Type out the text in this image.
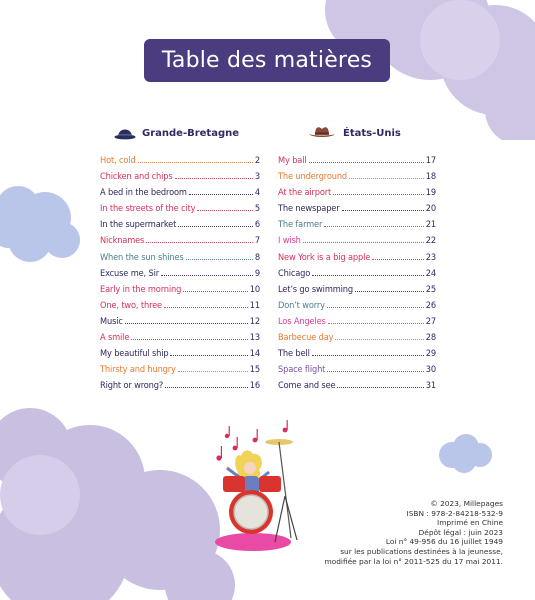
Table des matières
Grande-Bretagne
Hot, cold	2
Chicken and chips	3
A bed in the bedroom	4
In the streets of the city	5
In the supermarket	6
Nicknames	7
When the sun shines	8
Excuse me, Sir	9
Early in the morning	10
One, two, three	11
Music	12
A smile	13
My beautiful ship	14
Thirsty and hungry	15
Right or wrong?	16
États-Unis
My ball	17
The underground	18
At the airport	19
The newspaper	20
The farmer	21
I wish	22
New York is a big apple	23
Chicago	24
Let’s go swimming	25
Don’t worry	26
Los Angeles	27
Barbecue day	28
The bell	29
Space flight	30
Come and see	31
© 2023, Millepages
ISBN : 978-2-84218-532-9
Imprimé en Chine
Dépôt légal : juin 2023
Loi n° 49-956 du 16 juillet 1949
sur les publications destinées à la jeunesse,
modifiée par la loi n° 2011-525 du 17 mai 2011.
